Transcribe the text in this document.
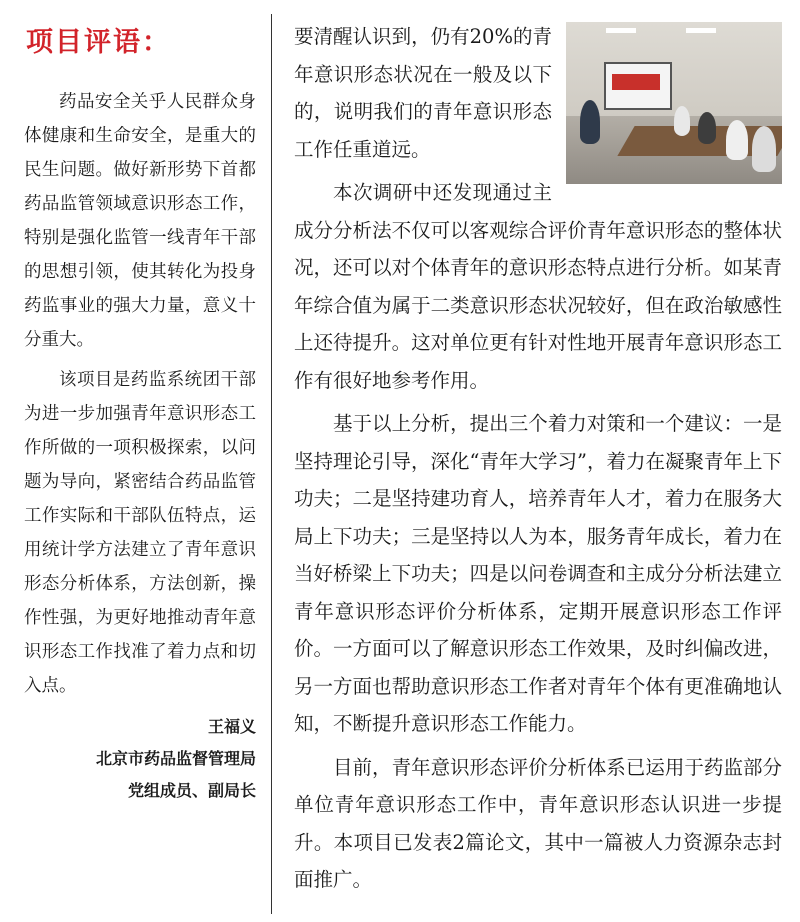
项目评语：

药品安全关乎人民群众身体健康和生命安全，是重大的民生问题。做好新形势下首都药品监管领域意识形态工作，特别是强化监管一线青年干部的思想引领，使其转化为投身药监事业的强大力量，意义十分重大。

该项目是药监系统团干部为进一步加强青年意识形态工作所做的一项积极探索，以问题为导向，紧密结合药品监管工作实际和干部队伍特点，运用统计学方法建立了青年意识形态分析体系，方法创新，操作性强，为更好地推动青年意识形态工作找准了着力点和切入点。

王福义
北京市药品监督管理局
党组成员、副局长

要清醒认识到，仍有20%的青年意识形态状况在一般及以下的，说明我们的青年意识形态工作任重道远。

本次调研中还发现通过主成分分析法不仅可以客观综合评价青年意识形态的整体状况，还可以对个体青年的意识形态特点进行分析。如某青年综合值为属于二类意识形态状况较好，但在政治敏感性上还待提升。这对单位更有针对性地开展青年意识形态工作有很好地参考作用。

基于以上分析，提出三个着力对策和一个建议：一是坚持理论引导，深化“青年大学习”，着力在凝聚青年上下功夫；二是坚持建功育人，培养青年人才，着力在服务大局上下功夫；三是坚持以人为本，服务青年成长，着力在当好桥梁上下功夫；四是以问卷调查和主成分分析法建立青年意识形态评价分析体系，定期开展意识形态工作评价。一方面可以了解意识形态工作效果，及时纠偏改进，另一方面也帮助意识形态工作者对青年个体有更准确地认知，不断提升意识形态工作能力。

目前，青年意识形态评价分析体系已运用于药监部分单位青年意识形态工作中，青年意识形态认识进一步提升。本项目已发表2篇论文，其中一篇被人力资源杂志封面推广。
